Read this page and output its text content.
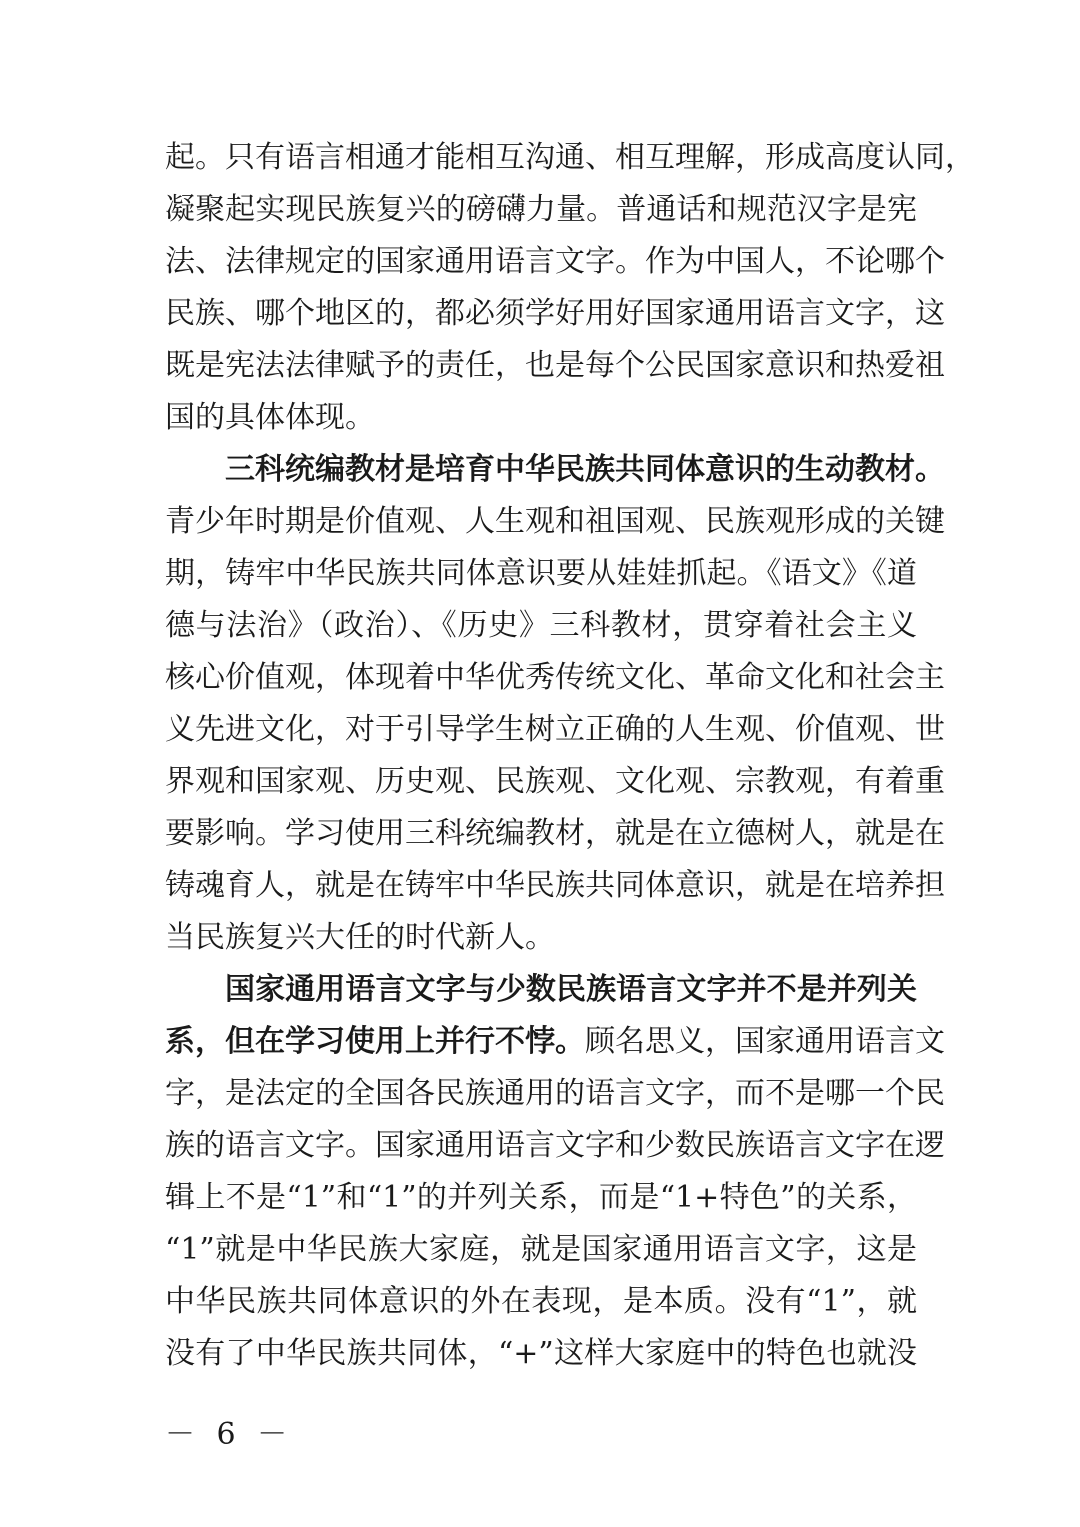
起。只有语言相通才能相互沟通、相互理解，形成高度认同，
凝聚起实现民族复兴的磅礴力量。普通话和规范汉字是宪
法、法律规定的国家通用语言文字。作为中国人，不论哪个
民族、哪个地区的，都必须学好用好国家通用语言文字，这
既是宪法法律赋予的责任，也是每个公民国家意识和热爱祖
国的具体体现。
三科统编教材是培育中华民族共同体意识的生动教材。
青少年时期是价值观、人生观和祖国观、民族观形成的关键
期，铸牢中华民族共同体意识要从娃娃抓起。《语文》《道
德与法治》（政治）、《历史》三科教材，贯穿着社会主义
核心价值观，体现着中华优秀传统文化、革命文化和社会主
义先进文化，对于引导学生树立正确的人生观、价值观、世
界观和国家观、历史观、民族观、文化观、宗教观，有着重
要影响。学习使用三科统编教材，就是在立德树人，就是在
铸魂育人，就是在铸牢中华民族共同体意识，就是在培养担
当民族复兴大任的时代新人。
国家通用语言文字与少数民族语言文字并不是并列关
系，但在学习使用上并行不悖。顾名思义，国家通用语言文
字，是法定的全国各民族通用的语言文字，而不是哪一个民
族的语言文字。国家通用语言文字和少数民族语言文字在逻
辑上不是“1”和“1”的并列关系，而是“1+特色”的关系，
“1”就是中华民族大家庭，就是国家通用语言文字，这是
中华民族共同体意识的外在表现，是本质。没有“1”，就
没有了中华民族共同体，“+”这样大家庭中的特色也就没
－ 6 －
